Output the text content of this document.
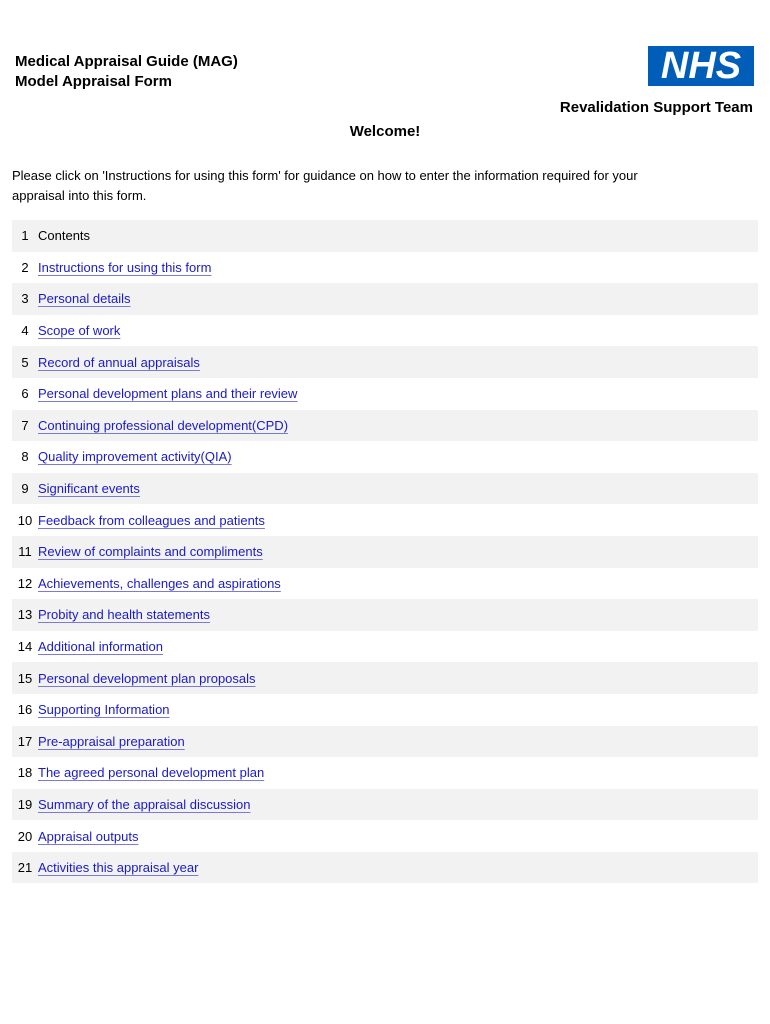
Medical Appraisal Guide (MAG)
Model Appraisal Form	NHS
Revalidation Support Team
Welcome!
Please click on 'Instructions for using this form' for guidance on how to enter the information required for your
appraisal into this form.
1 Contents
2 Instructions for using this form
3 Personal details
4 Scope of work
5 Record of annual appraisals
6 Personal development plans and their review
7 Continuing professional development(CPD)
8 Quality improvement activity(QIA)
9 Significant events
10 Feedback from colleagues and patients
11 Review of complaints and compliments
12 Achievements, challenges and aspirations
13 Probity and health statements
14 Additional information
15 Personal development plan proposals
16 Supporting Information
17 Pre-appraisal preparation
18 The agreed personal development plan
19 Summary of the appraisal discussion
20 Appraisal outputs
21 Activities this appraisal year
